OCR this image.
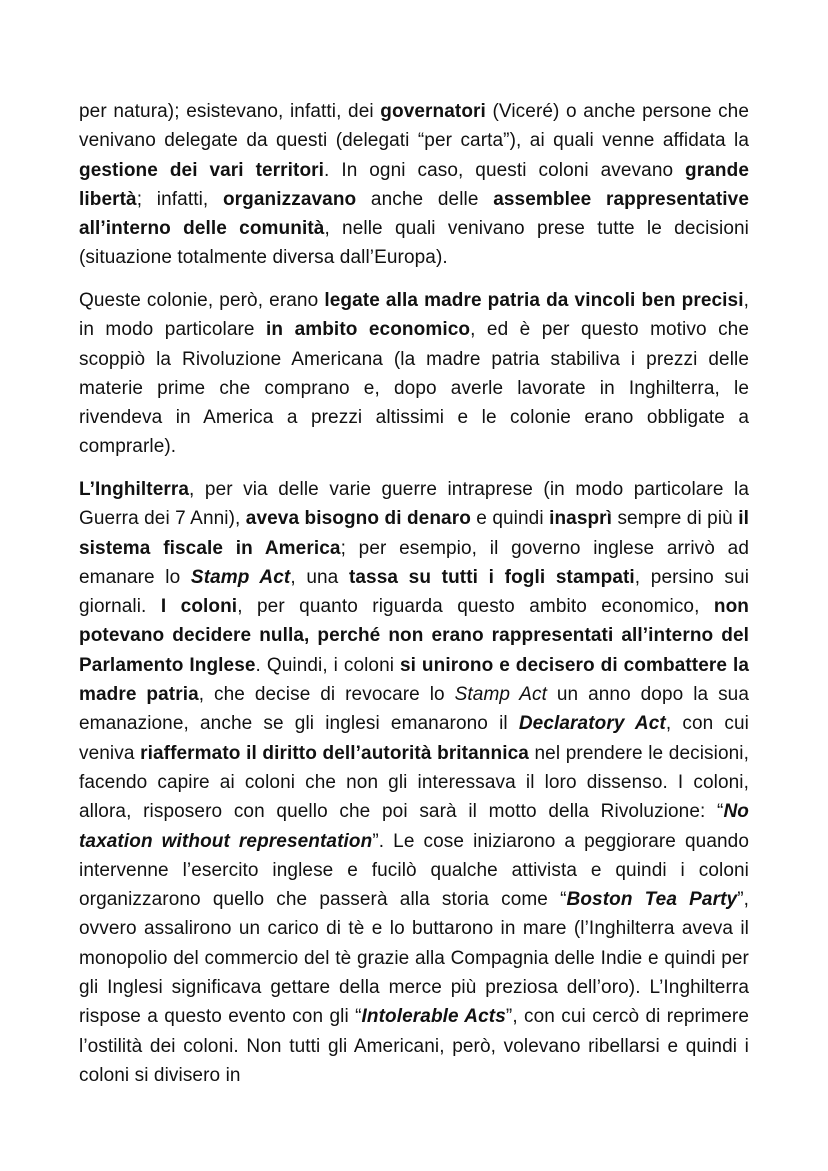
per natura); esistevano, infatti, dei governatori (Viceré) o anche persone che venivano delegate da questi (delegati “per carta”), ai quali venne affidata la gestione dei vari territori. In ogni caso, questi coloni avevano grande libertà; infatti, organizzavano anche delle assemblee rappresentative all’interno delle comunità, nelle quali venivano prese tutte le decisioni (situazione totalmente diversa dall’Europa).

Queste colonie, però, erano legate alla madre patria da vincoli ben precisi, in modo particolare in ambito economico, ed è per questo motivo che scoppiò la Rivoluzione Americana (la madre patria stabiliva i prezzi delle materie prime che comprano e, dopo averle lavorate in Inghilterra, le rivendeva in America a prezzi altissimi e le colonie erano obbligate a comprarle).

L’Inghilterra, per via delle varie guerre intraprese (in modo particolare la Guerra dei 7 Anni), aveva bisogno di denaro e quindi inasprì sempre di più il sistema fiscale in America; per esempio, il governo inglese arrivò ad emanare lo Stamp Act, una tassa su tutti i fogli stampati, persino sui giornali. I coloni, per quanto riguarda questo ambito economico, non potevano decidere nulla, perché non erano rappresentati all’interno del Parlamento Inglese. Quindi, i coloni si unirono e decisero di combattere la madre patria, che decise di revocare lo Stamp Act un anno dopo la sua emanazione, anche se gli inglesi emanarono il Declaratory Act, con cui veniva riaffermato il diritto dell’autorità britannica nel prendere le decisioni, facendo capire ai coloni che non gli interessava il loro dissenso. I coloni, allora, risposero con quello che poi sarà il motto della Rivoluzione: “No taxation without representation”. Le cose iniziarono a peggiorare quando intervenne l’esercito inglese e fucilò qualche attivista e quindi i coloni organizzarono quello che passerà alla storia come “Boston Tea Party”, ovvero assalirono un carico di tè e lo buttarono in mare (l’Inghilterra aveva il monopolio del commercio del tè grazie alla Compagnia delle Indie e quindi per gli Inglesi significava gettare della merce più preziosa dell’oro). L’Inghilterra rispose a questo evento con gli “Intolerable Acts”, con cui cercò di reprimere l’ostilità dei coloni. Non tutti gli Americani, però, volevano ribellarsi e quindi i coloni si divisero in
